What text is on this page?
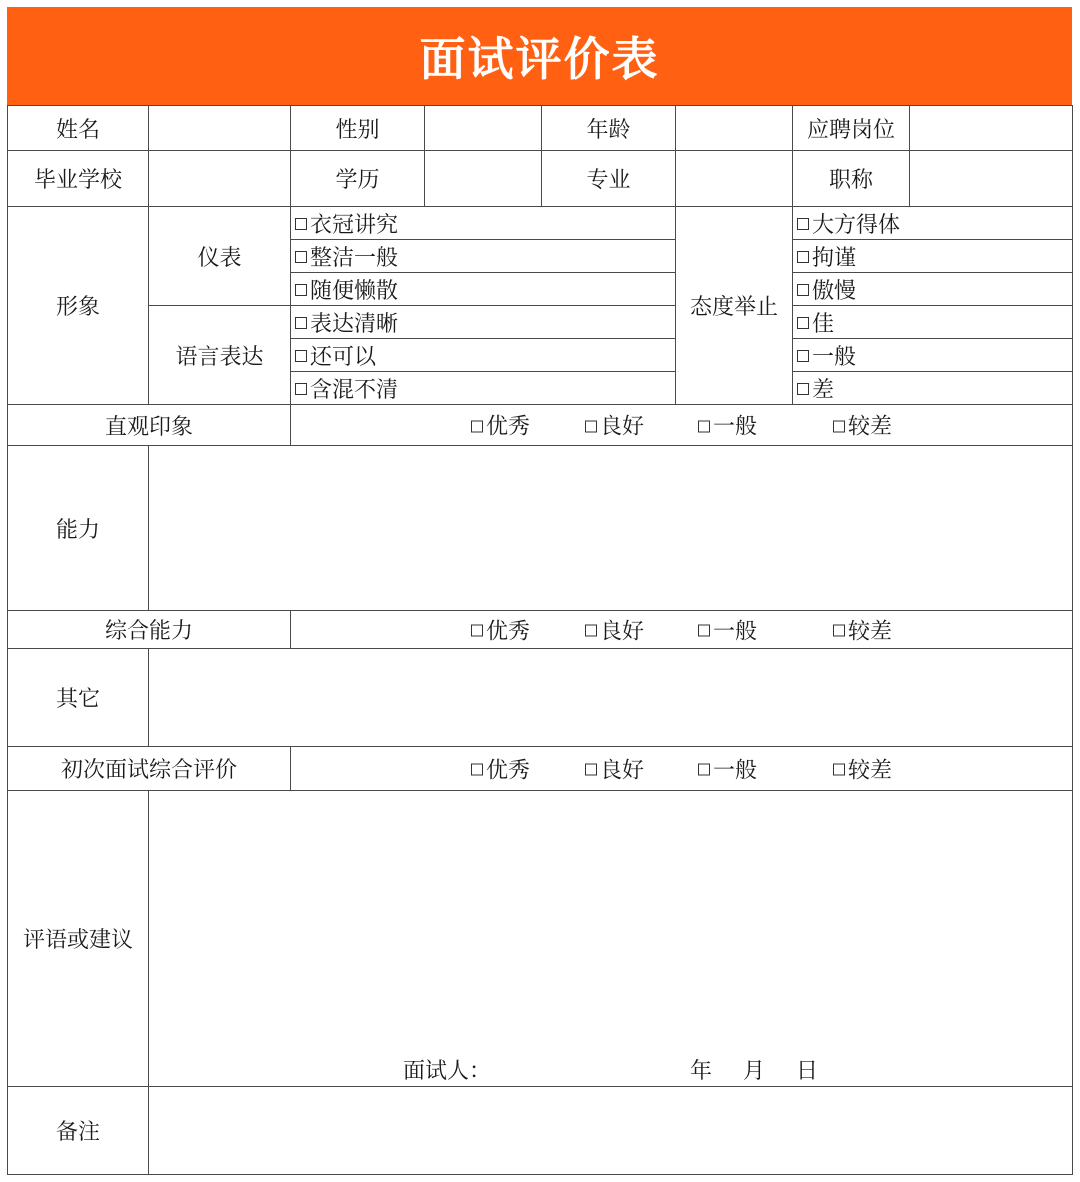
面试评价表
姓名		性别		年龄		应聘岗位	
毕业学校		学历		专业		职称	
形象	仪表	衣冠讲究			态度举止	大方得体	

		整洁一般				拘谨	

		随便懒散				傲慢	

	语言表达	表达清晰				佳	

		还可以				一般	

		含混不清				差	

直观印象		优秀 良好 一般 较差					

能力							
综合能力		优秀 良好 一般 较差					

其它							
初次面试综合评价		优秀 良好 一般 较差					

评语或建议	面试人： 年 月 日						

备注							
